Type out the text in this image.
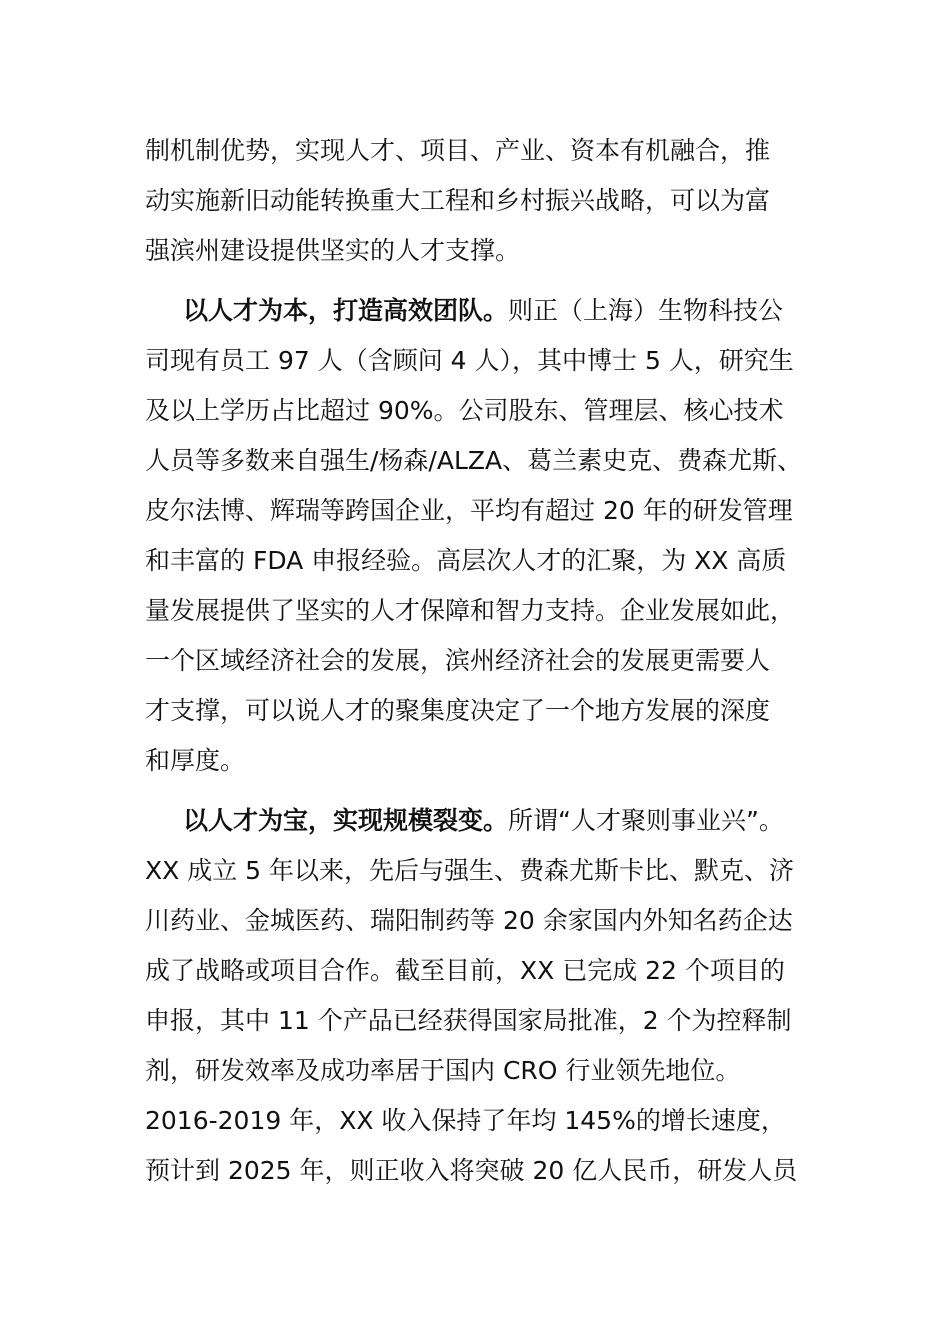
制机制优势，实现人才、项目、产业、资本有机融合，推
动实施新旧动能转换重大工程和乡村振兴战略，可以为富
强滨州建设提供坚实的人才支撑。
以人才为本，打造高效团队。则正（上海）生物科技公
司现有员工 97 人（含顾问 4 人），其中博士 5 人，研究生
及以上学历占比超过 90%。公司股东、管理层、核心技术
人员等多数来自强生/杨森/ALZA、葛兰素史克、费森尤斯、
皮尔法博、辉瑞等跨国企业，平均有超过 20 年的研发管理
和丰富的 FDA 申报经验。高层次人才的汇聚，为 XX 高质
量发展提供了坚实的人才保障和智力支持。企业发展如此，
一个区域经济社会的发展，滨州经济社会的发展更需要人
才支撑，可以说人才的聚集度决定了一个地方发展的深度
和厚度。
以人才为宝，实现规模裂变。所谓“人才聚则事业兴”。
XX 成立 5 年以来，先后与强生、费森尤斯卡比、默克、济
川药业、金城医药、瑞阳制药等 20 余家国内外知名药企达
成了战略或项目合作。截至目前，XX 已完成 22 个项目的
申报，其中 11 个产品已经获得国家局批准，2 个为控释制
剂，研发效率及成功率居于国内 CRO 行业领先地位。
2016-2019 年，XX 收入保持了年均 145%的增长速度，
预计到 2025 年，则正收入将突破 20 亿人民币，研发人员
